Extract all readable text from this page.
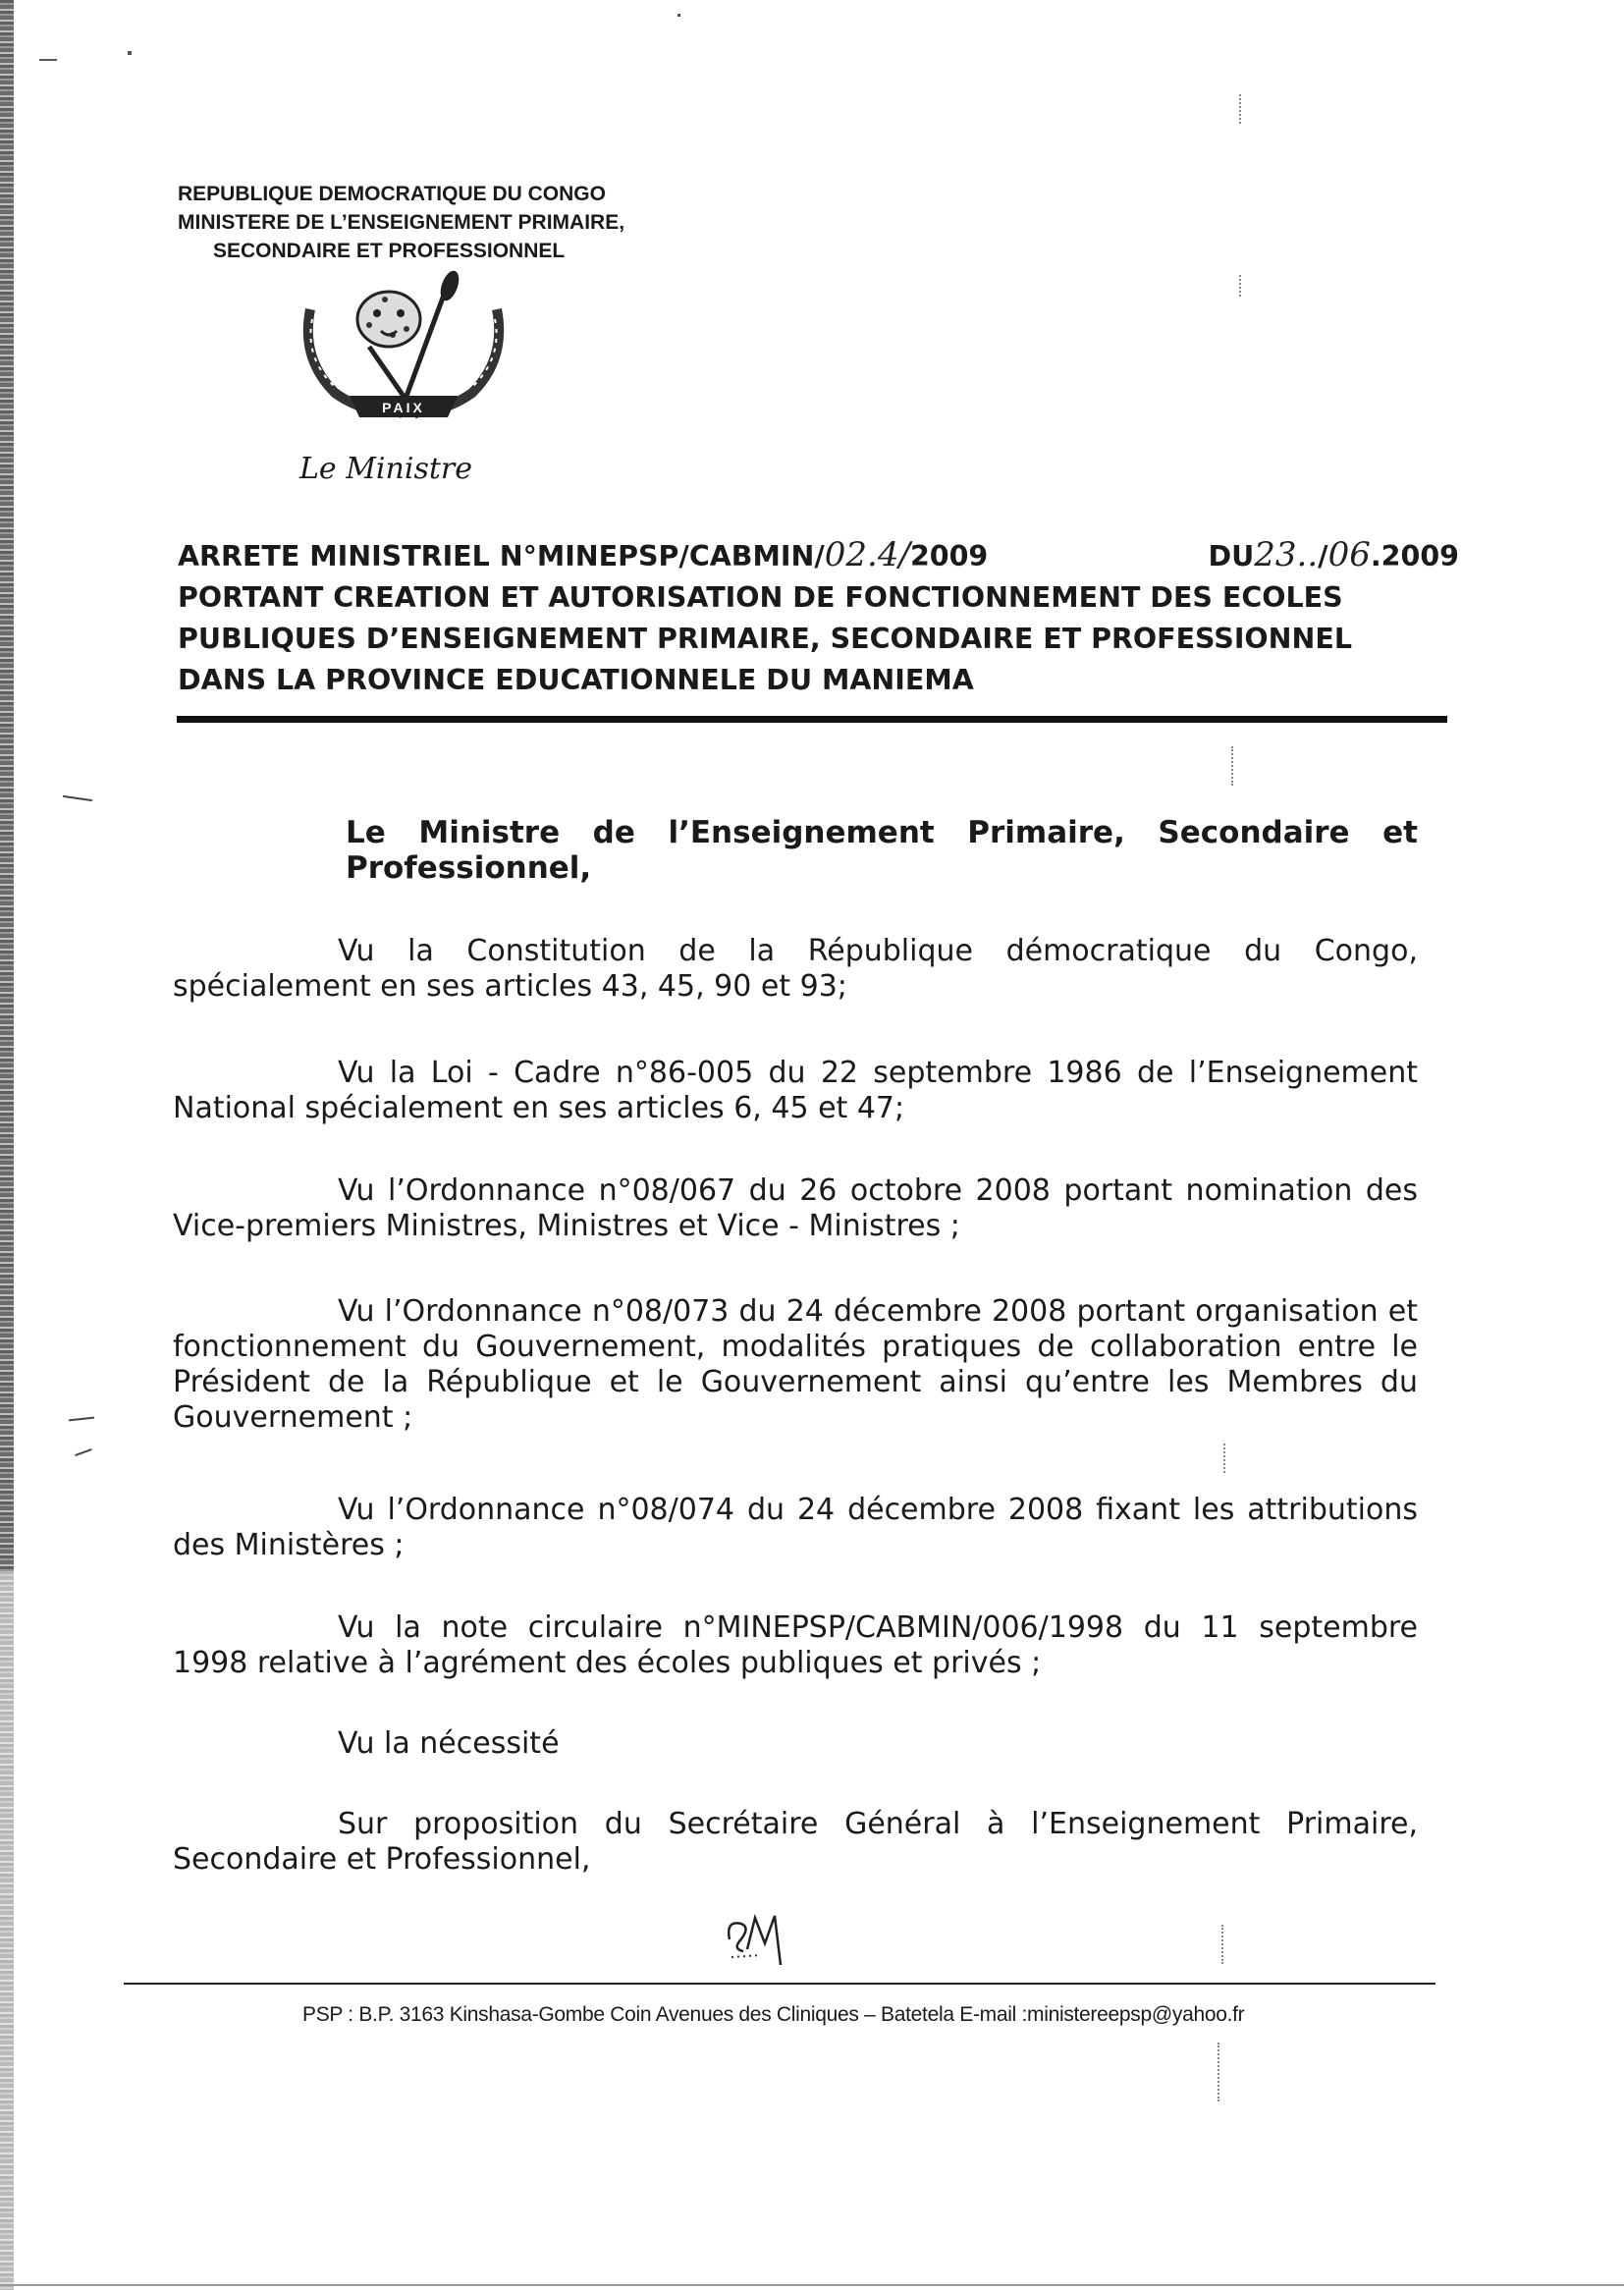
REPUBLIQUE DEMOCRATIQUE DU CONGO
MINISTERE DE L’ENSEIGNEMENT PRIMAIRE,
SECONDAIRE ET PROFESSIONNEL
PAIX
Le Ministre
ARRETE MINISTRIEL N°MINEPSP/CABMIN/02.4/2009	DU23../06.2009
PORTANT CREATION ET AUTORISATION DE FONCTIONNEMENT DES ECOLES
PUBLIQUES D’ENSEIGNEMENT PRIMAIRE, SECONDAIRE ET PROFESSIONNEL
DANS LA PROVINCE EDUCATIONNELE DU MANIEMA
Le Ministre de l’Enseignement Primaire, Secondaire et Professionnel,
Vu la Constitution de la République démocratique du Congo, spécialement en ses articles 43, 45, 90 et 93;
Vu la Loi - Cadre n°86-005 du 22 septembre 1986 de l’Enseignement National spécialement en ses articles 6, 45 et 47;
Vu l’Ordonnance n°08/067 du 26 octobre 2008 portant nomination des Vice-premiers Ministres, Ministres et Vice - Ministres ;
Vu l’Ordonnance n°08/073 du 24 décembre 2008 portant organisation et fonctionnement du Gouvernement, modalités pratiques de collaboration entre le Président de la République et le Gouvernement ainsi qu’entre les Membres du Gouvernement ;
Vu l’Ordonnance n°08/074 du 24 décembre 2008 fixant les attributions des Ministères ;
Vu la note circulaire n°MINEPSP/CABMIN/006/1998 du 11 septembre 1998 relative à l’agrément des écoles publiques et privés ;
Vu la nécessité
Sur proposition du Secrétaire Général à l’Enseignement Primaire, Secondaire et Professionnel,
PSP : B.P. 3163 Kinshasa-Gombe Coin Avenues des Cliniques – Batetela E-mail :ministereepsp@yahoo.fr
